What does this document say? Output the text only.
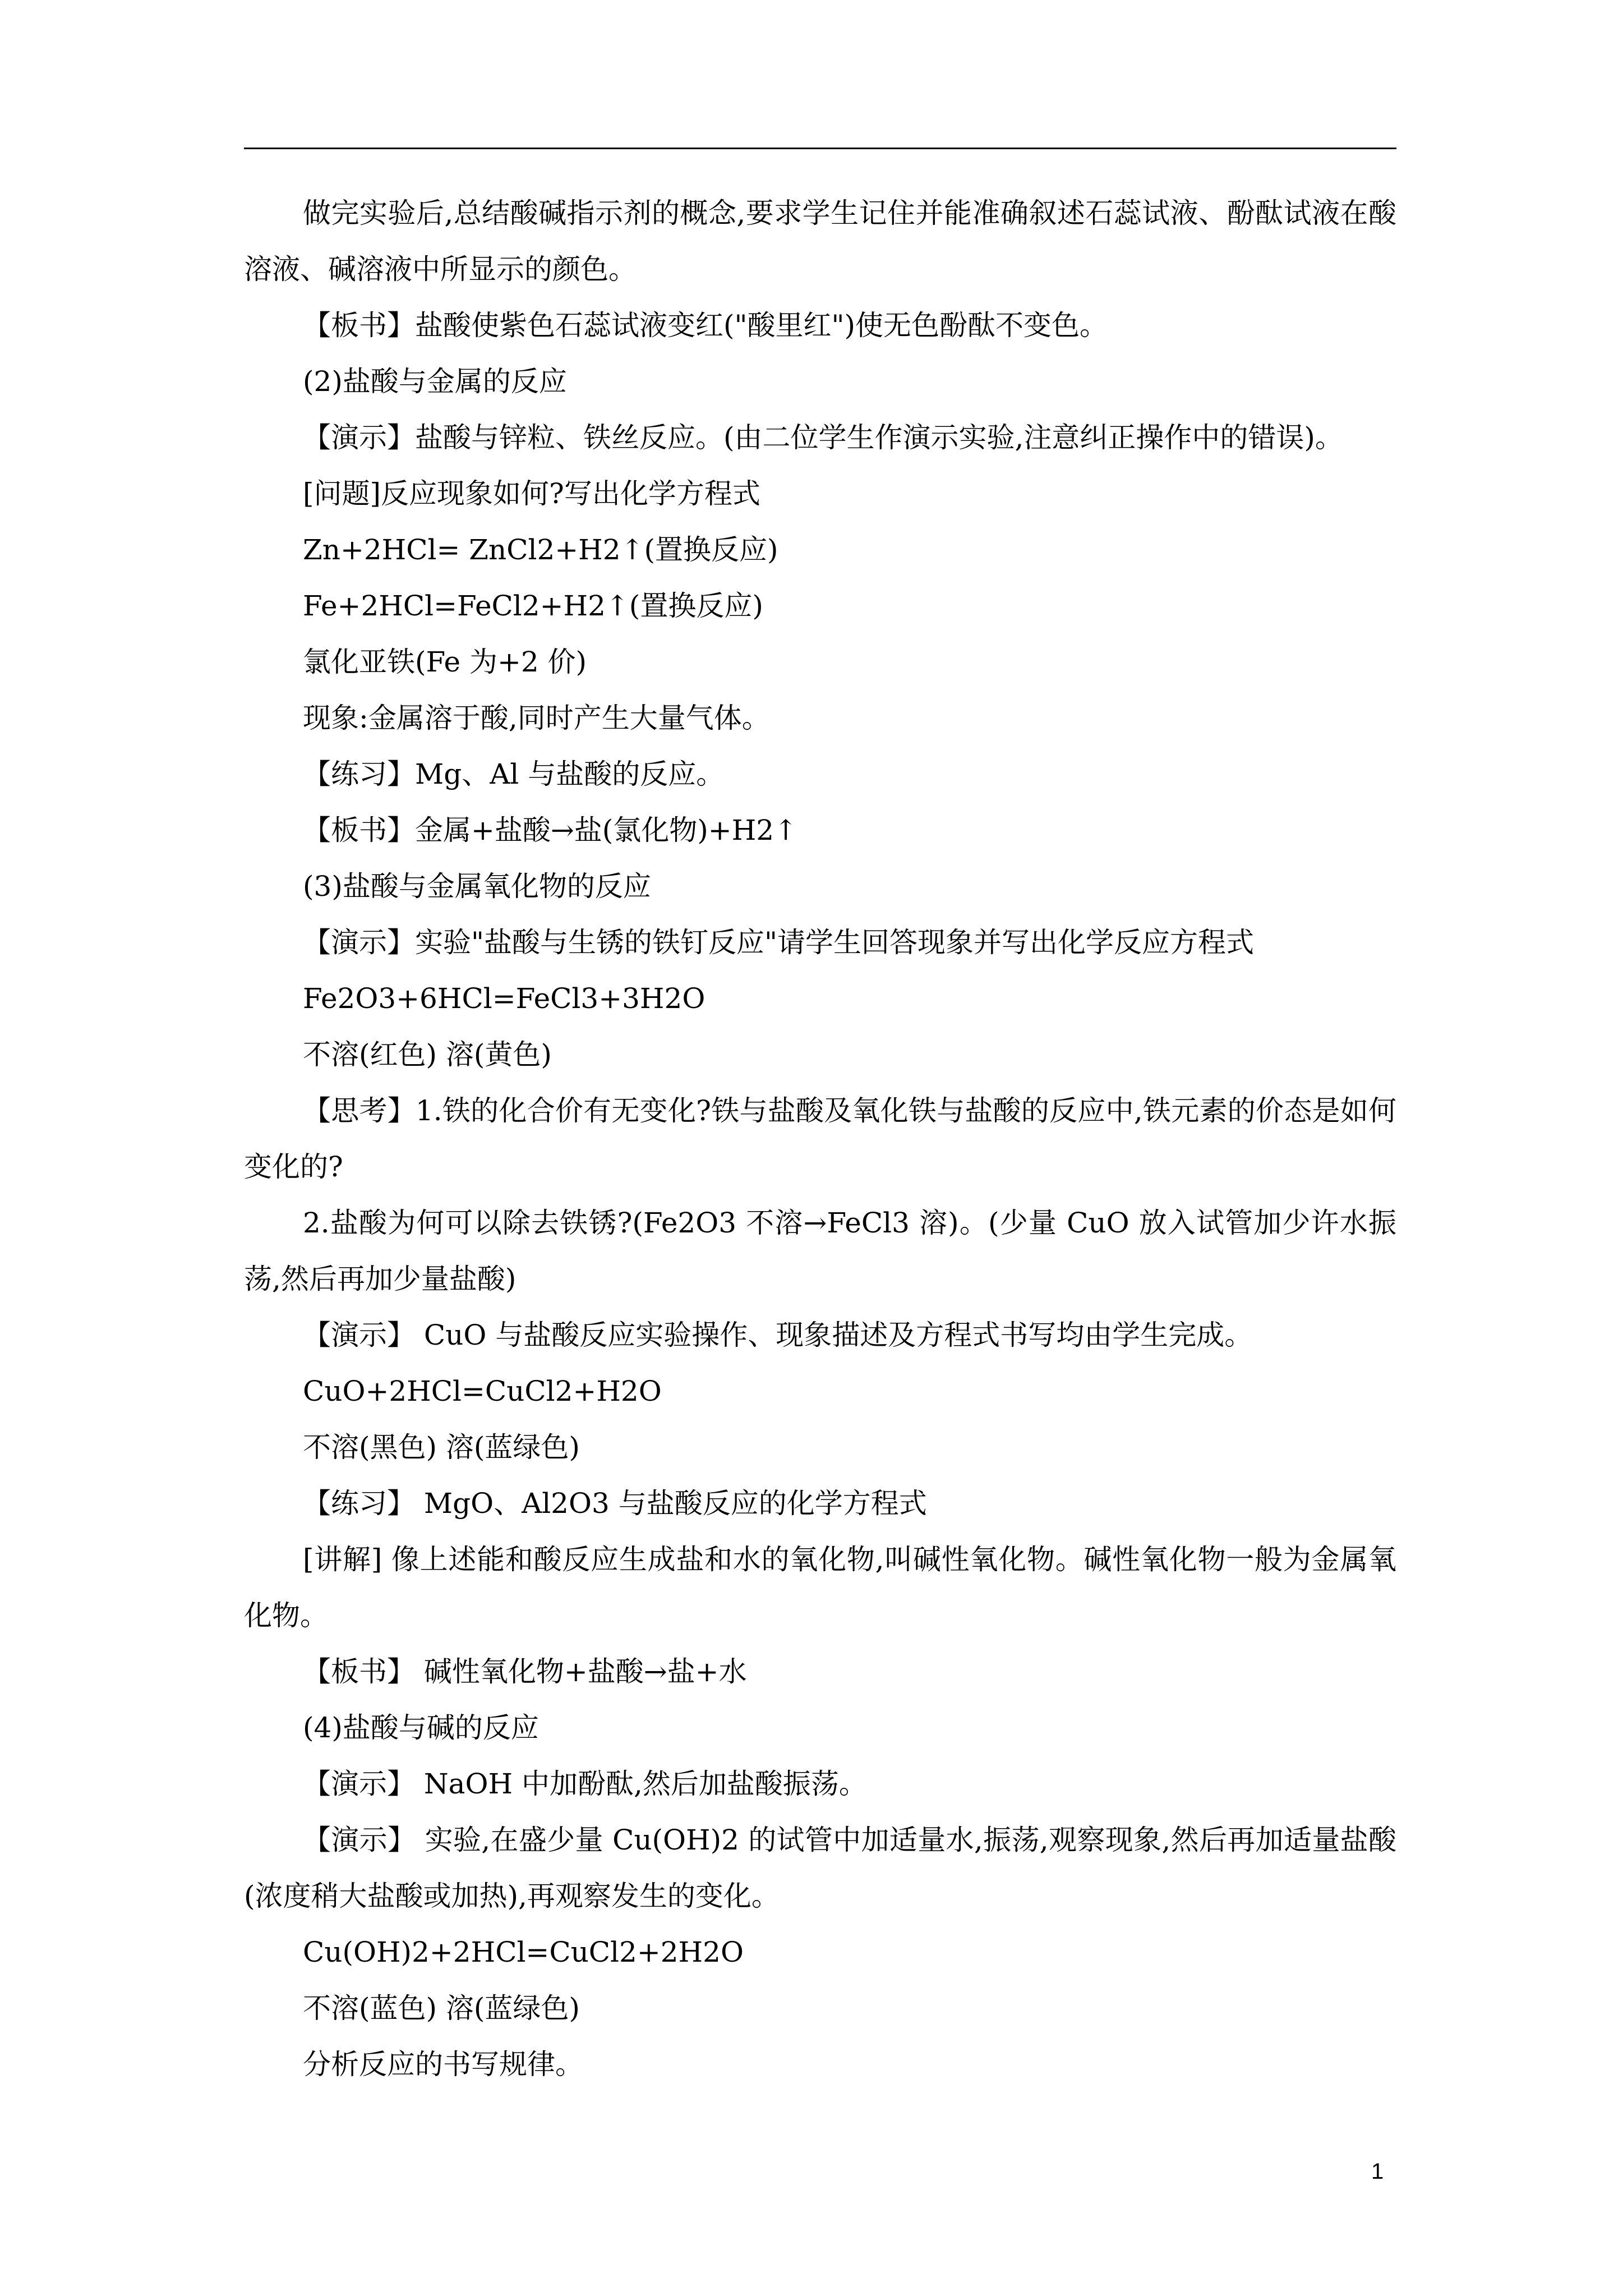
做完实验后,总结酸碱指示剂的概念,要求学生记住并能准确叙述石蕊试液、酚酞试液在酸溶液、碱溶液中所显示的颜色。

【板书】盐酸使紫色石蕊试液变红("酸里红")使无色酚酞不变色。

(2)盐酸与金属的反应

【演示】盐酸与锌粒、铁丝反应。(由二位学生作演示实验,注意纠正操作中的错误)。

[问题]反应现象如何?写出化学方程式

Zn+2HCl= ZnCl2+H2↑(置换反应)

Fe+2HCl=FeCl2+H2↑(置换反应)

氯化亚铁(Fe 为+2 价)

现象:金属溶于酸,同时产生大量气体。

【练习】Mg、Al 与盐酸的反应。

【板书】金属+盐酸→盐(氯化物)+H2↑

(3)盐酸与金属氧化物的反应

【演示】实验"盐酸与生锈的铁钉反应"请学生回答现象并写出化学反应方程式

Fe2O3+6HCl=FeCl3+3H2O

不溶(红色) 溶(黄色)

【思考】1.铁的化合价有无变化?铁与盐酸及氧化铁与盐酸的反应中,铁元素的价态是如何变化的?

2.盐酸为何可以除去铁锈?(Fe2O3 不溶→FeCl3 溶)。(少量 CuO 放入试管加少许水振荡,然后再加少量盐酸)

【演示】 CuO 与盐酸反应实验操作、现象描述及方程式书写均由学生完成。

CuO+2HCl=CuCl2+H2O

不溶(黑色) 溶(蓝绿色)

【练习】 MgO、Al2O3 与盐酸反应的化学方程式

[讲解] 像上述能和酸反应生成盐和水的氧化物,叫碱性氧化物。碱性氧化物一般为金属氧化物。

【板书】 碱性氧化物+盐酸→盐+水

(4)盐酸与碱的反应

【演示】 NaOH 中加酚酞,然后加盐酸振荡。

【演示】 实验,在盛少量 Cu(OH)2 的试管中加适量水,振荡,观察现象,然后再加适量盐酸(浓度稍大盐酸或加热),再观察发生的变化。

Cu(OH)2+2HCl=CuCl2+2H2O

不溶(蓝色) 溶(蓝绿色)

分析反应的书写规律。

1
